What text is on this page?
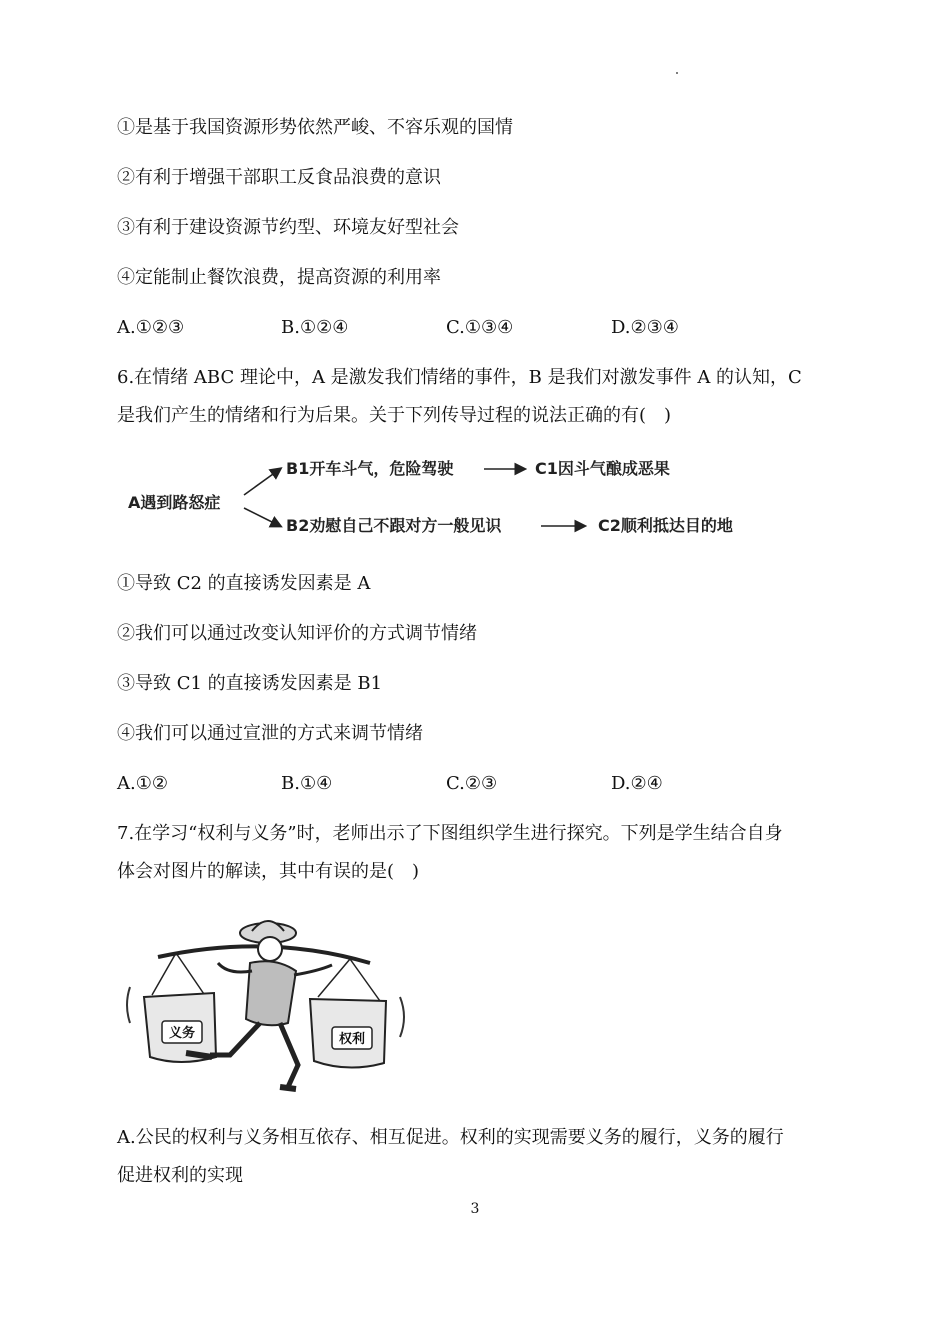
①是基于我国资源形势依然严峻、不容乐观的国情
②有利于增强干部职工反食品浪费的意识
③有利于建设资源节约型、环境友好型社会
④定能制止餐饮浪费，提高资源的利用率
A.①②③	B.①②④	C.①③④	D.②③④
6.在情绪 ABC 理论中，A 是激发我们情绪的事件，B 是我们对激发事件 A 的认知，C
是我们产生的情绪和行为后果。关于下列传导过程的说法正确的有(　)
A遇到路怒症
B1开车斗气，危险驾驶	C1因斗气酿成恶果
B2劝慰自己不跟对方一般见识	C2顺利抵达目的地
①导致 C2 的直接诱发因素是 A
②我们可以通过改变认知评价的方式调节情绪
③导致 C1 的直接诱发因素是 B1
④我们可以通过宣泄的方式来调节情绪
A.①②	B.①④	C.②③	D.②④
7.在学习“权利与义务”时，老师出示了下图组织学生进行探究。下列是学生结合自身
体会对图片的解读，其中有误的是(　)
义务	权利
A.公民的权利与义务相互依存、相互促进。权利的实现需要义务的履行，义务的履行
促进权利的实现
3
